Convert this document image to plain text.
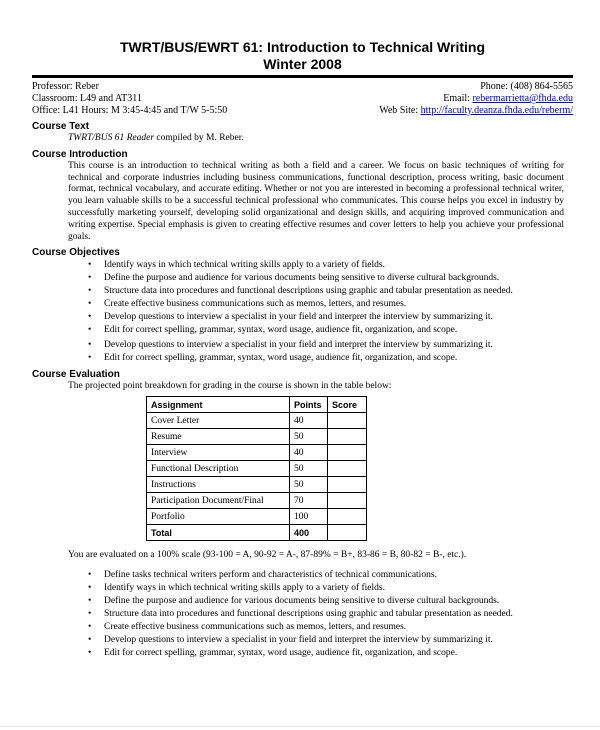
TWRT/BUS/EWRT 61: Introduction to Technical Writing
Winter 2008
Professor: Reber
Classroom: L49 and AT311
Office: L41 Hours: M 3:45-4:45 and T/W 5-5:50
Phone: (408) 864-5565
Email: rebermarrietta@fhda.edu
Web Site: http://faculty.deanza.fhda.edu/reberm/
Course Text
TWRT/BUS 61 Reader compiled by M. Reber.
Course Introduction
This course is an introduction to technical writing as both a field and a career. We focus on basic techniques of writing for technical and corporate industries including business communications, functional description, process writing, basic document format, technical vocabulary, and accurate editing. Whether or not you are interested in becoming a professional technical writer, you learn valuable skills to be a successful technical professional who communicates. This course helps you excel in industry by successfully marketing yourself, developing solid organizational and design skills, and acquiring improved communication and writing expertise. Special emphasis is given to creating effective resumes and cover letters to help you achieve your professional goals.
Course Objectives
• Identify ways in which technical writing skills apply to a variety of fields.
• Define the purpose and audience for various documents being sensitive to diverse cultural backgrounds.
• Structure data into procedures and functional descriptions using graphic and tabular presentation as needed.
• Create effective business communications such as memos, letters, and resumes.
• Develop questions to interview a specialist in your field and interpret the interview by summarizing it.
• Edit for correct spelling, grammar, syntax, word usage, audience fit, organization, and scope.
• Develop questions to interview a specialist in your field and interpret the interview by summarizing it.
• Edit for correct spelling, grammar, syntax, word usage, audience fit, organization, and scope.
Course Evaluation
The projected point breakdown for grading in the course is shown in the table below:
Assignment	Points	Score
Cover Letter	40	
Resume	50	
Interview	40	
Functional Description	50	
Instructions	50	
Participation Document/Final	70	
Portfolio	100	
Total	400	
You are evaluated on a 100% scale (93-100 = A, 90-92 = A-, 87-89% = B+, 83-86 = B, 80-82 = B-, etc.).
• Define tasks technical writers perform and characteristics of technical communications.
• Identify ways in which technical writing skills apply to a variety of fields.
• Define the purpose and audience for various documents being sensitive to diverse cultural backgrounds.
• Structure data into procedures and functional descriptions using graphic and tabular presentation as needed.
• Create effective business communications such as memos, letters, and resumes.
• Develop questions to interview a specialist in your field and interpret the interview by summarizing it.
• Edit for correct spelling, grammar, syntax, word usage, audience fit, organization, and scope.
